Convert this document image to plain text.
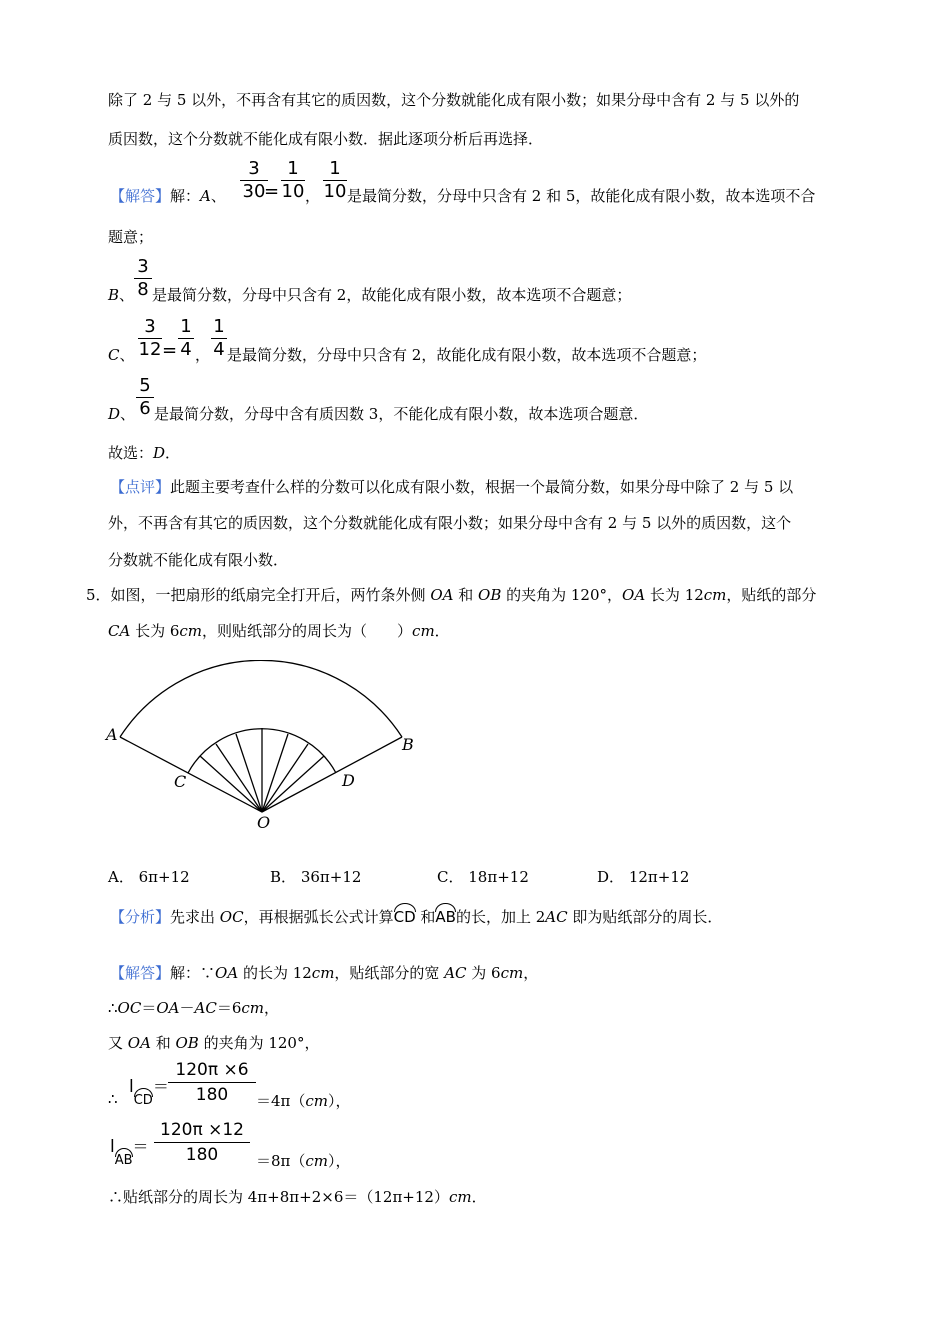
除了 2 与 5 以外，不再含有其它的质因数，这个分数就能化成有限小数；如果分母中含有 2 与 5 以外的
质因数，这个分数就不能化成有限小数．据此逐项分析后再选择．
【解答】解：A、
3
30
=
1
10 ，
1
10 是最简分数，分母中只含有 2 和 5，故能化成有限小数，故本选项不合
题意；
B、
3
8 是最简分数，分母中只含有 2，故能化成有限小数，故本选项不合题意；
C、
3
12 =
1
4 ，
1
4 是最简分数，分母中只含有 2，故能化成有限小数，故本选项不合题意；
D、
5
6 是最简分数，分母中含有质因数 3，不能化成有限小数，故本选项合题意．
故选：D．
【点评】此题主要考查什么样的分数可以化成有限小数，根据一个最简分数，如果分母中除了 2 与 5 以
外，不再含有其它的质因数，这个分数就能化成有限小数；如果分母中含有 2 与 5 以外的质因数，这个
分数就不能化成有限小数．
5．如图，一把扇形的纸扇完全打开后，两竹条外侧 OA 和 OB 的夹角为 120°，OA 长为 12cm，贴纸的部分
CA 长为 6cm，则贴纸部分的周长为（　　）cm．
A
B
C	D
O
A． 6π+12	B． 36π+12	C． 18π+12	D． 12π+12
【分析】先求出 OC，再根据弧长公式计算CD 和AB的长，加上 2AC 即为贴纸部分的周长．
【解答】解：∵OA 的长为 12cm，贴纸部分的宽 AC 为 6cm，
∴OC＝OA－AC＝6cm，
又 OA 和 OB 的夹角为 120°，
∴
lCD＝
120π ×6
180	＝4π（cm），
lAB＝
120π ×12
180	＝8π（cm），
∴贴纸部分的周长为 4π+8π+2×6＝（12π+12）cm．
